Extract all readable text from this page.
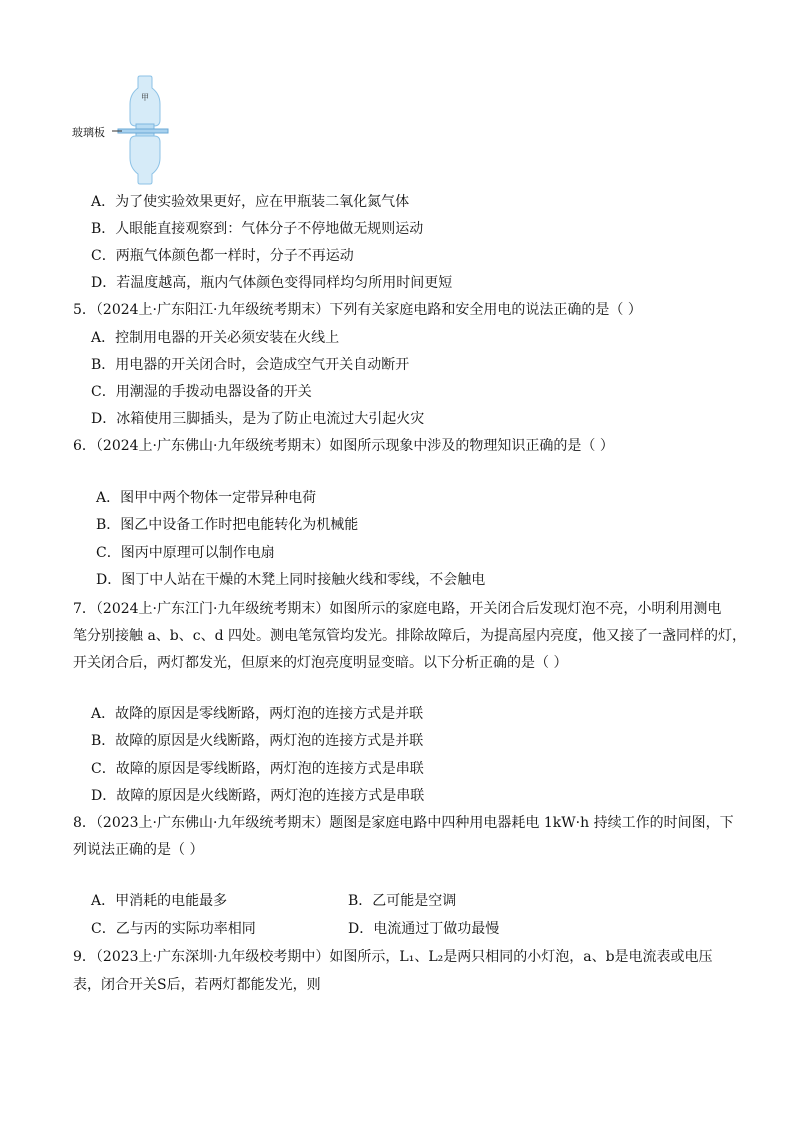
甲
玻璃板
A．为了使实验效果更好，应在甲瓶装二氧化氮气体
B．人眼能直接观察到：气体分子不停地做无规则运动
C．两瓶气体颜色都一样时，分子不再运动
D．若温度越高，瓶内气体颜色变得同样均匀所用时间更短
5．（2024上·广东阳江·九年级统考期末）下列有关家庭电路和安全用电的说法正确的是（ ）
A．控制用电器的开关必须安装在火线上
B．用电器的开关闭合时，会造成空气开关自动断开
C．用潮湿的手拨动电器设备的开关
D．冰箱使用三脚插头，是为了防止电流过大引起火灾
6．（2024上·广东佛山·九年级统考期末）如图所示现象中涉及的物理知识正确的是（ ）
A．图甲中两个物体一定带异种电荷
B．图乙中设备工作时把电能转化为机械能
C．图丙中原理可以制作电扇
D．图丁中人站在干燥的木凳上同时接触火线和零线，不会触电
7．（2024上·广东江门·九年级统考期末）如图所示的家庭电路，开关闭合后发现灯泡不亮，小明利用测电
笔分别接触 a、b、c、d 四处。测电笔氖管均发光。排除故障后，为提高屋内亮度，他又接了一盏同样的灯，
开关闭合后，两灯都发光，但原来的灯泡亮度明显变暗。以下分析正确的是（ ）
A．故降的原因是零线断路，两灯泡的连接方式是并联
B．故障的原因是火线断路，两灯泡的连接方式是并联
C．故障的原因是零线断路，两灯泡的连接方式是串联
D．故障的原因是火线断路，两灯泡的连接方式是串联
8．（2023上·广东佛山·九年级统考期末）题图是家庭电路中四种用电器耗电 1kW·h 持续工作的时间图，下
列说法正确的是（ ）
A．甲消耗的电能最多	B．乙可能是空调
C．乙与丙的实际功率相同	D．电流通过丁做功最慢
9．（2023上·广东深圳·九年级校考期中）如图所示，L₁、L₂是两只相同的小灯泡，a、b是电流表或电压
表，闭合开关S后，若两灯都能发光，则
